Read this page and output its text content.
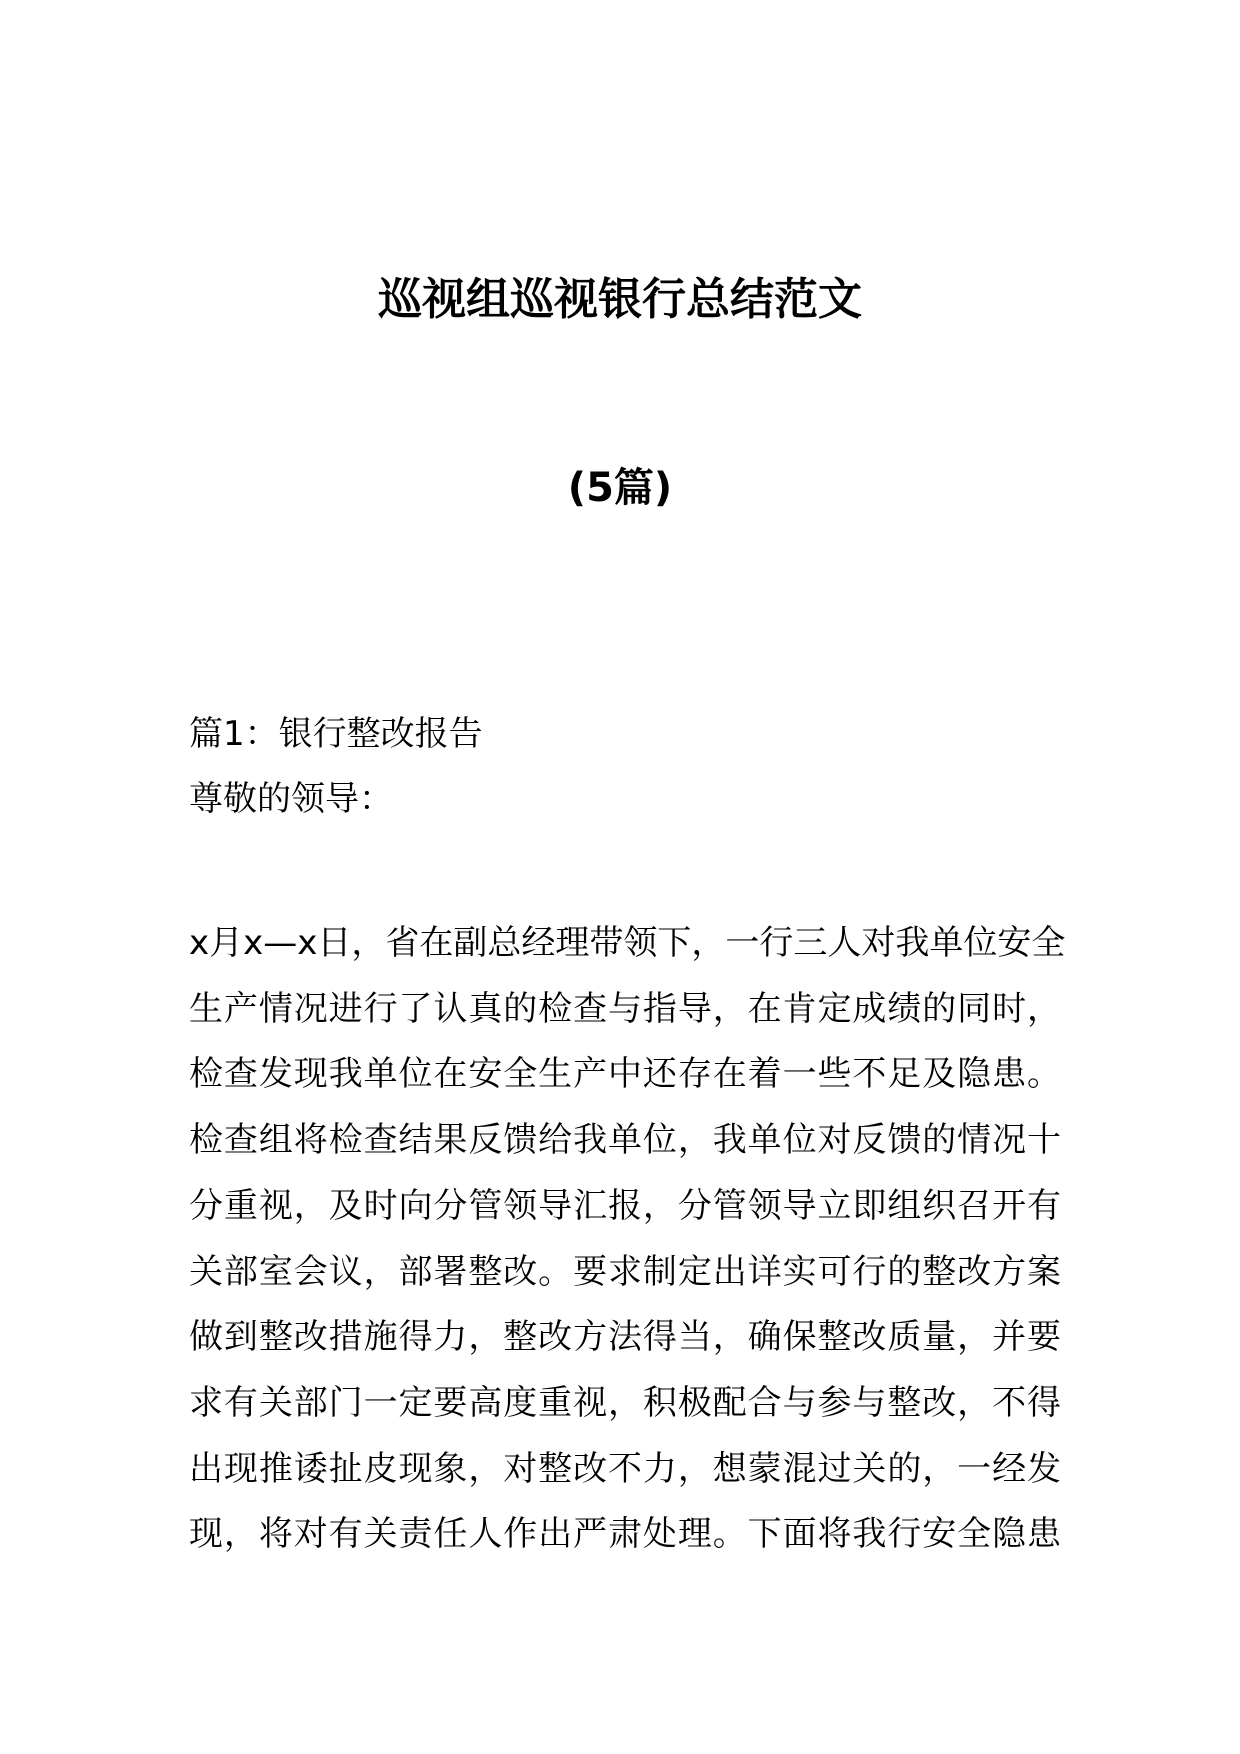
巡视组巡视银行总结范文
(5篇)
篇1：银行整改报告
尊敬的领导：
x月x—x日，省在副总经理带领下，一行三人对我单位安全
生产情况进行了认真的检查与指导，在肯定成绩的同时，
检查发现我单位在安全生产中还存在着一些不足及隐患。
检查组将检查结果反馈给我单位，我单位对反馈的情况十
分重视，及时向分管领导汇报，分管领导立即组织召开有
关部室会议，部署整改。要求制定出详实可行的整改方案
做到整改措施得力，整改方法得当，确保整改质量，并要
求有关部门一定要高度重视，积极配合与参与整改，不得
出现推诿扯皮现象，对整改不力，想蒙混过关的，一经发
现，将对有关责任人作出严肃处理。下面将我行安全隐患
